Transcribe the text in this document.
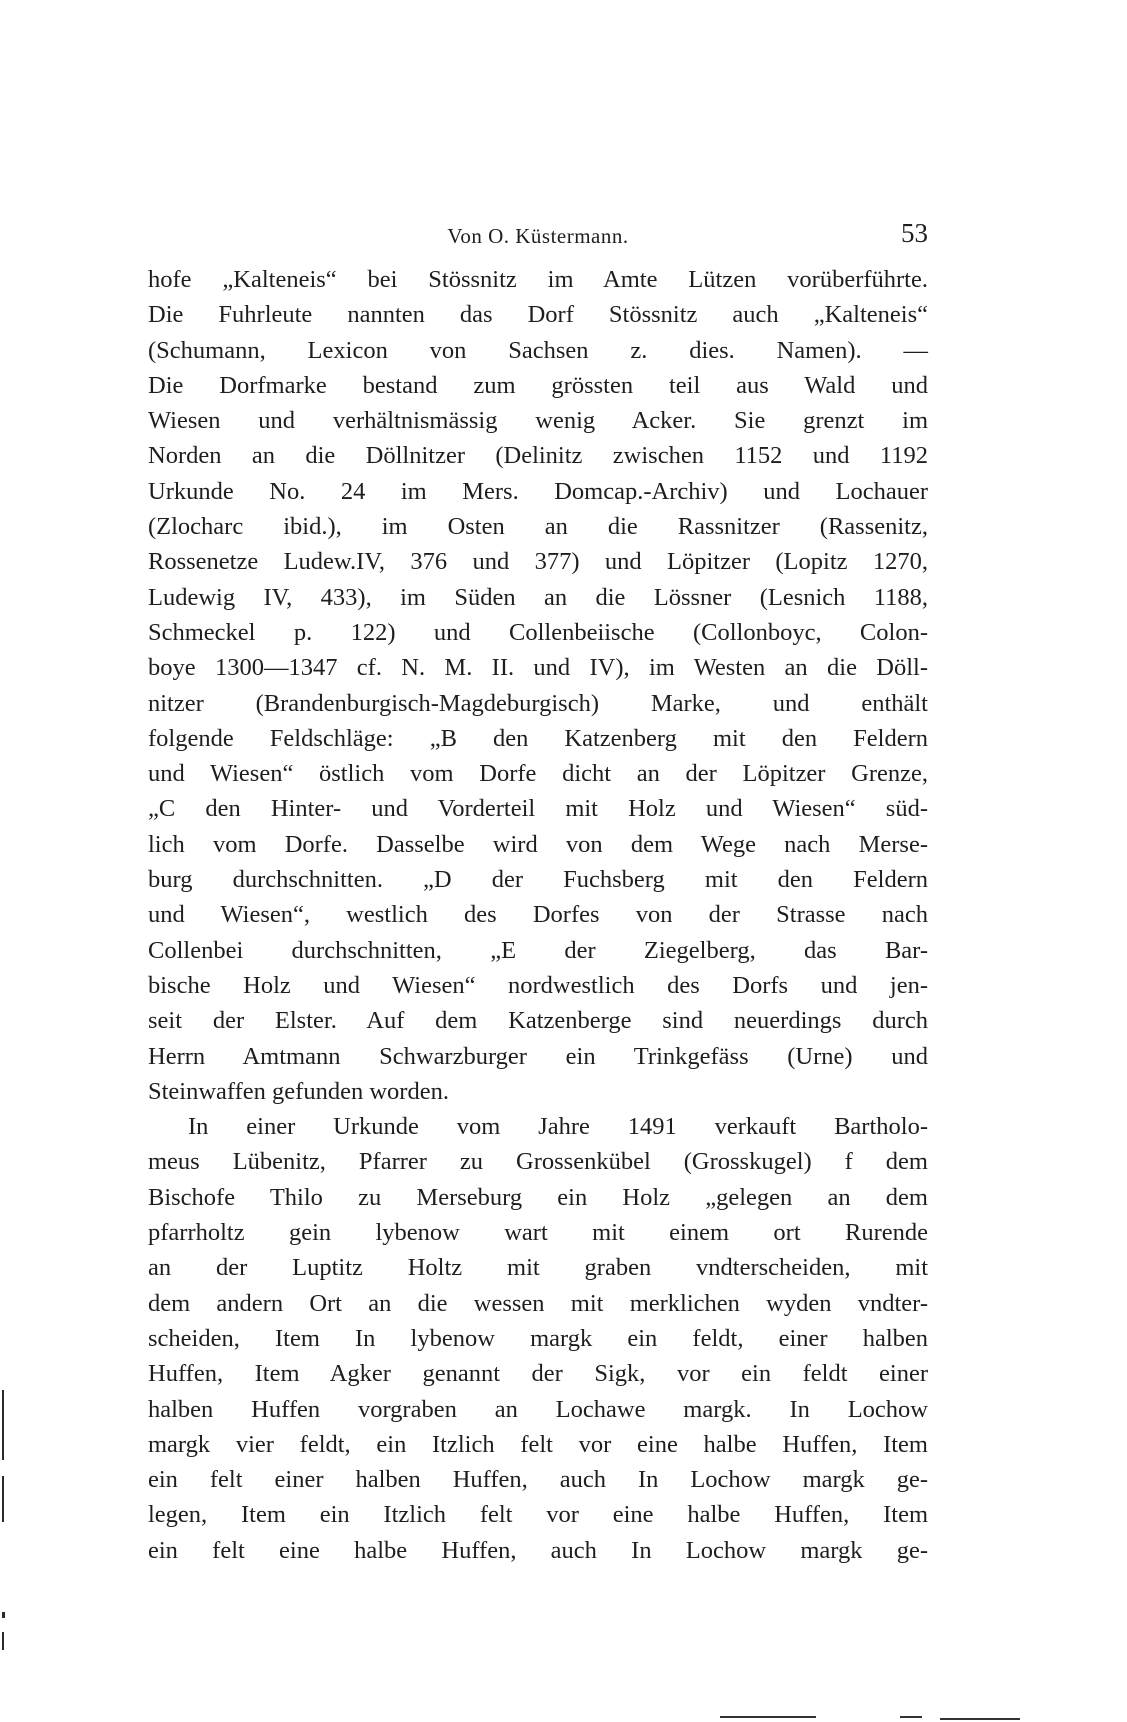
Von O. Küstermann.	53
hofe „Kalteneis“ bei Stössnitz im Amte Lützen vorüberführte.
Die Fuhrleute nannten das Dorf Stössnitz auch „Kalteneis“
(Schumann, Lexicon von Sachsen z. dies. Namen). —
Die Dorfmarke bestand zum grössten teil aus Wald und
Wiesen und verhältnismässig wenig Acker. Sie grenzt im
Norden an die Döllnitzer (Delinitz zwischen 1152 und 1192
Urkunde No. 24 im Mers. Domcap.-Archiv) und Lochauer
(Zlocharc ibid.), im Osten an die Rassnitzer (Rassenitz,
Rossenetze Ludew.IV, 376 und 377) und Löpitzer (Lopitz 1270,
Ludewig IV, 433), im Süden an die Lössner (Lesnich 1188,
Schmeckel p. 122) und Collenbeiische (Collonboyc, Colon-
boye 1300—1347 cf. N. M. II. und IV), im Westen an die Döll-
nitzer (Brandenburgisch-Magdeburgisch) Marke, und enthält
folgende Feldschläge: „B den Katzenberg mit den Feldern
und Wiesen“ östlich vom Dorfe dicht an der Löpitzer Grenze,
„C den Hinter- und Vorderteil mit Holz und Wiesen“ süd-
lich vom Dorfe. Dasselbe wird von dem Wege nach Merse-
burg durchschnitten. „D der Fuchsberg mit den Feldern
und Wiesen“, westlich des Dorfes von der Strasse nach
Collenbei durchschnitten, „E der Ziegelberg, das Bar-
bische Holz und Wiesen“ nordwestlich des Dorfs und jen-
seit der Elster. Auf dem Katzenberge sind neuerdings durch
Herrn Amtmann Schwarzburger ein Trinkgefäss (Urne) und
Steinwaffen gefunden worden.
In einer Urkunde vom Jahre 1491 verkauft Bartholo-
meus Lübenitz, Pfarrer zu Grossenkübel (Grosskugel) f dem
Bischofe Thilo zu Merseburg ein Holz „gelegen an dem
pfarrholtz gein lybenow wart mit einem ort Rurende
an der Luptitz Holtz mit graben vndterscheiden, mit
dem andern Ort an die wessen mit merklichen wyden vndter-
scheiden, Item In lybenow margk ein feldt, einer halben
Huffen, Item Agker genannt der Sigk, vor ein feldt einer
halben Huffen vorgraben an Lochawe margk. In Lochow
margk vier feldt, ein Itzlich felt vor eine halbe Huffen, Item
ein felt einer halben Huffen, auch In Lochow margk ge-
legen, Item ein Itzlich felt vor eine halbe Huffen, Item
ein felt eine halbe Huffen, auch In Lochow margk ge-
